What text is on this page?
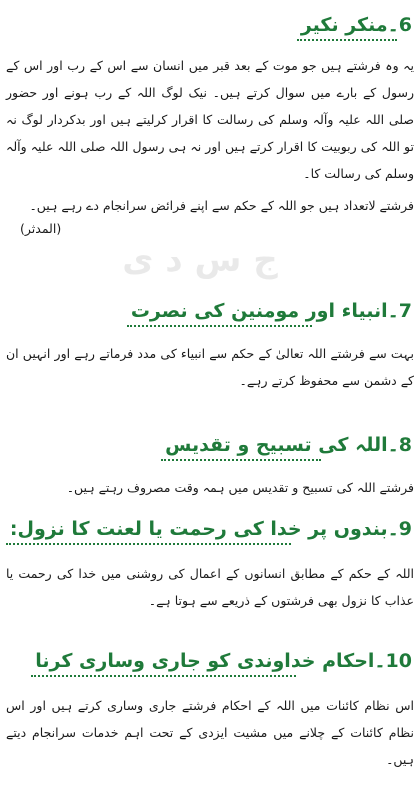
6۔منکر نکیر

یہ وہ فرشتے ہیں جو موت کے بعد قبر میں انسان سے اس کے رب اور اس کے رسول کے بارے میں سوال کرتے ہیں۔ نیک لوگ اللہ کے رب ہونے اور حضور صلی اللہ علیہ وآلہ وسلم کی رسالت کا اقرار کرلیتے ہیں اور بدکردار لوگ نہ تو اللہ کی ربوبیت کا اقرار کرتے ہیں اور نہ ہی رسول اللہ صلی اللہ علیہ وآلہ وسلم کی رسالت کا۔

فرشتے لاتعداد ہیں جو اللہ کے حکم سے اپنے فرائض سرانجام دے رہے ہیں۔

(المدثر)
ج س د ی
7۔انبیاء اور مومنین کی نصرت

بہت سے فرشتے اللہ تعالیٰ کے حکم سے انبیاء کی مدد فرماتے رہے اور انہیں ان کے دشمن سے محفوظ کرتے رہے۔

8۔اللہ کی تسبیح و تقدیس

فرشتے اللہ کی تسبیح و تقدیس میں ہمہ وقت مصروف رہتے ہیں۔

9۔بندوں پر خدا کی رحمت یا لعنت کا نزول:

اللہ کے حکم کے مطابق انسانوں کے اعمال کی روشنی میں خدا کی رحمت یا عذاب کا نزول بھی فرشتوں کے ذریعے سے ہوتا ہے۔

10۔احکام خداوندی کو جاری وساری کرنا

اس نظام کائنات میں اللہ کے احکام فرشتے جاری وساری کرتے ہیں اور اس نظام کائنات کے چلانے میں مشیت ایزدی کے تحت اہم خدمات سرانجام دیتے ہیں۔
